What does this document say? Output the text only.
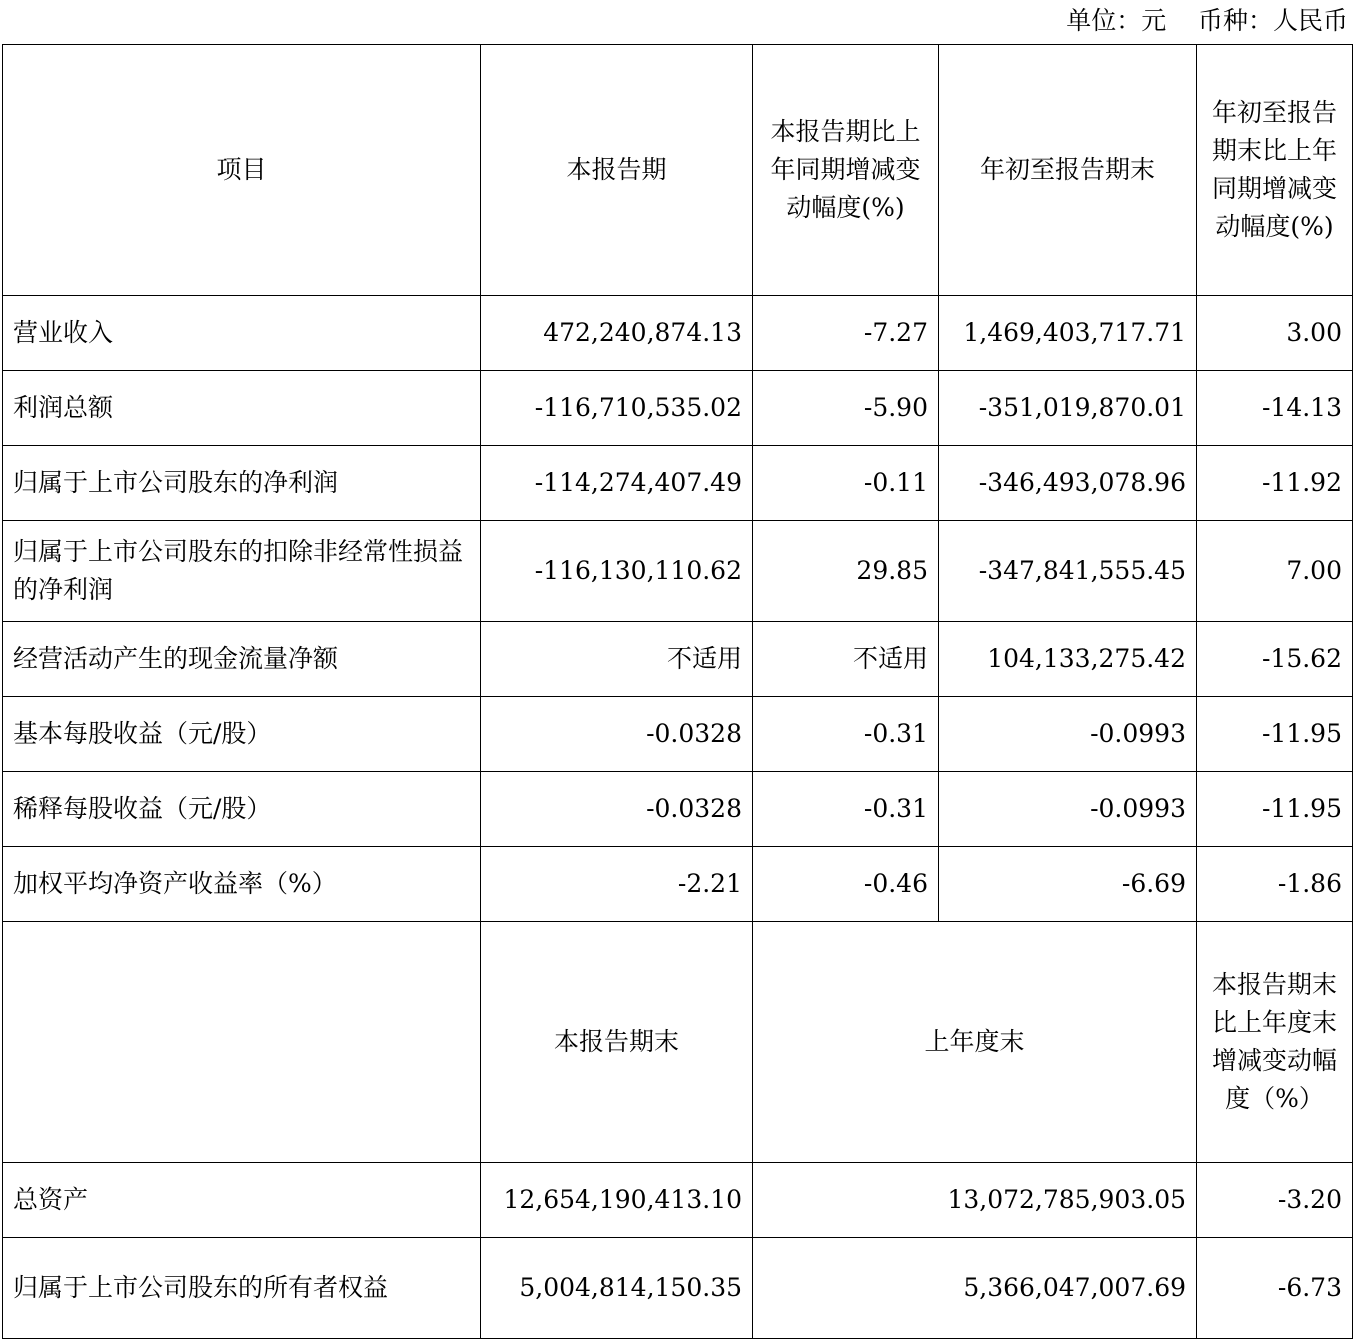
单位：元    币种：人民币
项目	本报告期	本报告期比上年同期增减变动幅度(%)	年初至报告期末	年初至报告期末比上年同期增减变动幅度(%)
营业收入	472,240,874.13	-7.27	1,469,403,717.71	3.00
利润总额	-116,710,535.02	-5.90	-351,019,870.01	-14.13
归属于上市公司股东的净利润	-114,274,407.49	-0.11	-346,493,078.96	-11.92
归属于上市公司股东的扣除非经常性损益的净利润	-116,130,110.62	29.85	-347,841,555.45	7.00
经营活动产生的现金流量净额	不适用	不适用	104,133,275.42	-15.62
基本每股收益（元/股）	-0.0328	-0.31	-0.0993	-11.95
稀释每股收益（元/股）	-0.0328	-0.31	-0.0993	-11.95
加权平均净资产收益率（%）	-2.21	-0.46	-6.69	-1.86
	本报告期末	上年度末		本报告期末比上年度末增减变动幅度（%）
总资产	12,654,190,413.10	13,072,785,903.05		-3.20
归属于上市公司股东的所有者权益	5,004,814,150.35	5,366,047,007.69		-6.73
